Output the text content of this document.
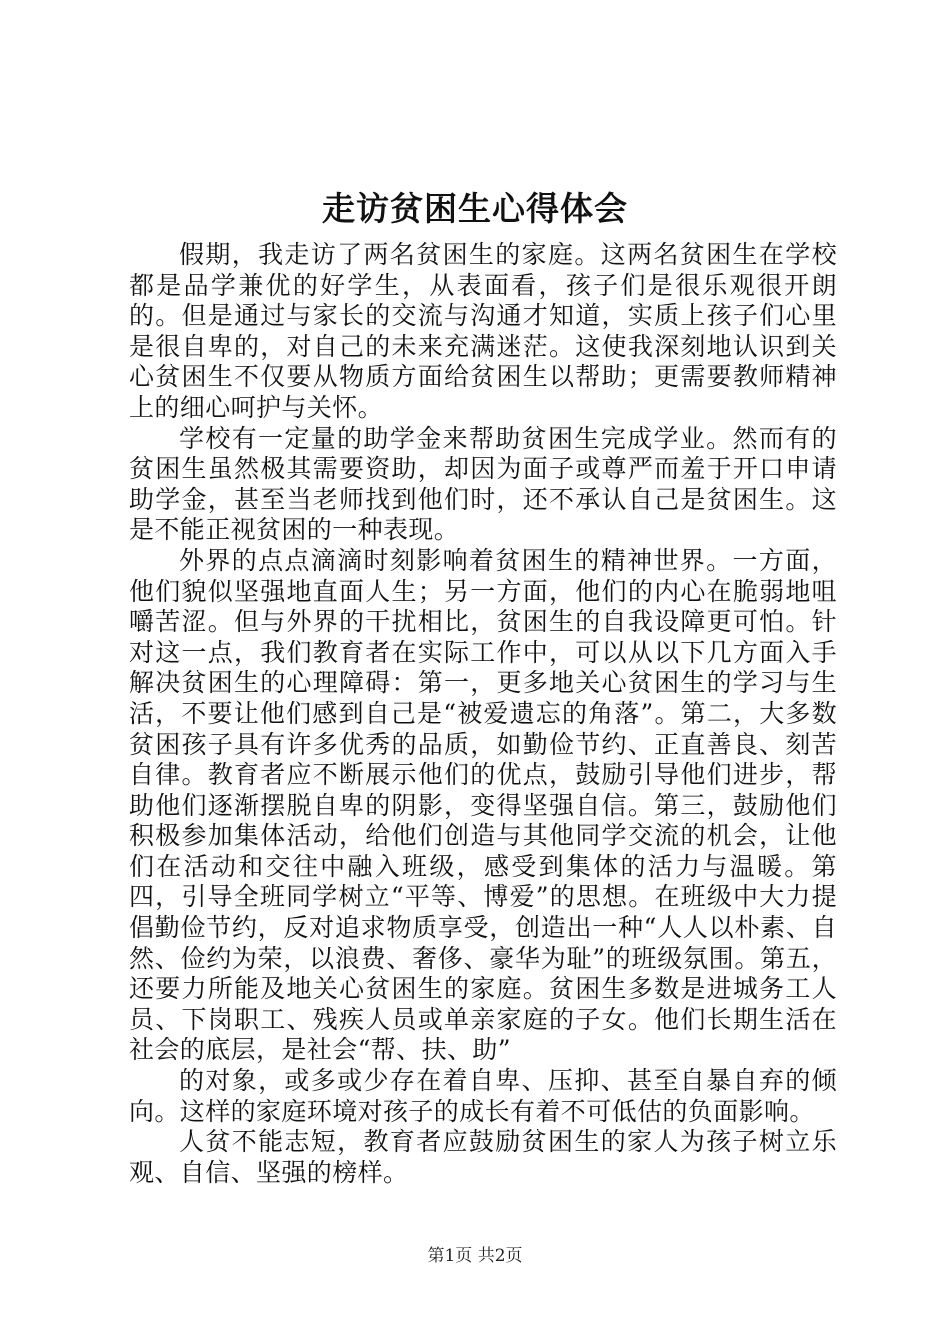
走访贫困生心得体会

假期，我走访了两名贫困生的家庭。这两名贫困生在学校都是品学兼优的好学生，从表面看，孩子们是很乐观很开朗的。但是通过与家长的交流与沟通才知道，实质上孩子们心里是很自卑的，对自己的未来充满迷茫。这使我深刻地认识到关心贫困生不仅要从物质方面给贫困生以帮助；更需要教师精神上的细心呵护与关怀。

学校有一定量的助学金来帮助贫困生完成学业。然而有的贫困生虽然极其需要资助，却因为面子或尊严而羞于开口申请助学金，甚至当老师找到他们时，还不承认自己是贫困生。这是不能正视贫困的一种表现。

外界的点点滴滴时刻影响着贫困生的精神世界。一方面，他们貌似坚强地直面人生；另一方面，他们的内心在脆弱地咀嚼苦涩。但与外界的干扰相比，贫困生的自我设障更可怕。针对这一点，我们教育者在实际工作中，可以从以下几方面入手解决贫困生的心理障碍：第一，更多地关心贫困生的学习与生活，不要让他们感到自己是“被爱遗忘的角落”。第二，大多数贫困孩子具有许多优秀的品质，如勤俭节约、正直善良、刻苦自律。教育者应不断展示他们的优点，鼓励引导他们进步，帮助他们逐渐摆脱自卑的阴影，变得坚强自信。第三，鼓励他们积极参加集体活动，给他们创造与其他同学交流的机会，让他们在活动和交往中融入班级，感受到集体的活力与温暖。第四，引导全班同学树立“平等、博爱”的思想。在班级中大力提倡勤俭节约，反对追求物质享受，创造出一种“人人以朴素、自然、俭约为荣，以浪费、奢侈、豪华为耻”的班级氛围。第五，还要力所能及地关心贫困生的家庭。贫困生多数是进城务工人员、下岗职工、残疾人员或单亲家庭的子女。他们长期生活在社会的底层，是社会“帮、扶、助”

的对象，或多或少存在着自卑、压抑、甚至自暴自弃的倾向。这样的家庭环境对孩子的成长有着不可低估的负面影响。

人贫不能志短，教育者应鼓励贫困生的家人为孩子树立乐观、自信、坚强的榜样。

第1页 共2页
